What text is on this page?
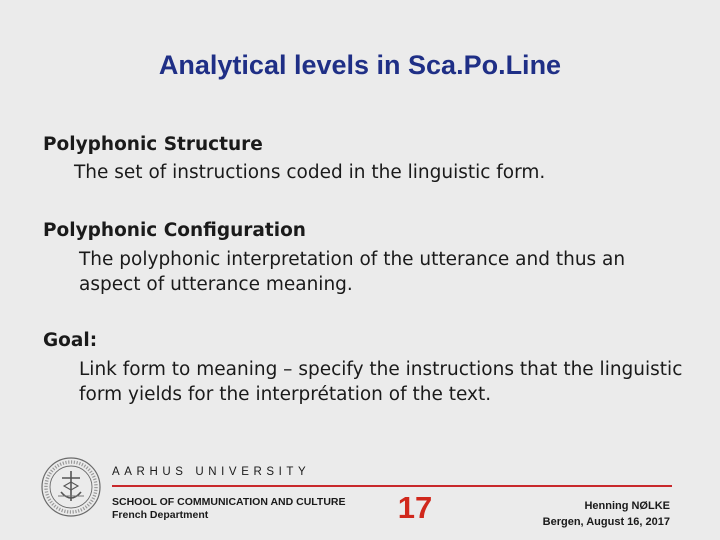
Analytical levels in Sca.Po.Line
Polyphonic Structure
The set of instructions coded in the linguistic form.
Polyphonic Configuration
The polyphonic interpretation of the utterance and thus an aspect of utterance meaning.
Goal:
Link form to meaning – specify the instructions that the linguistic form yields for the interprétation of the text.
AARHUS UNIVERSITY
SCHOOL OF COMMUNICATION AND CULTURE
French Department	17	Henning NØLKE
Bergen, August 16, 2017
